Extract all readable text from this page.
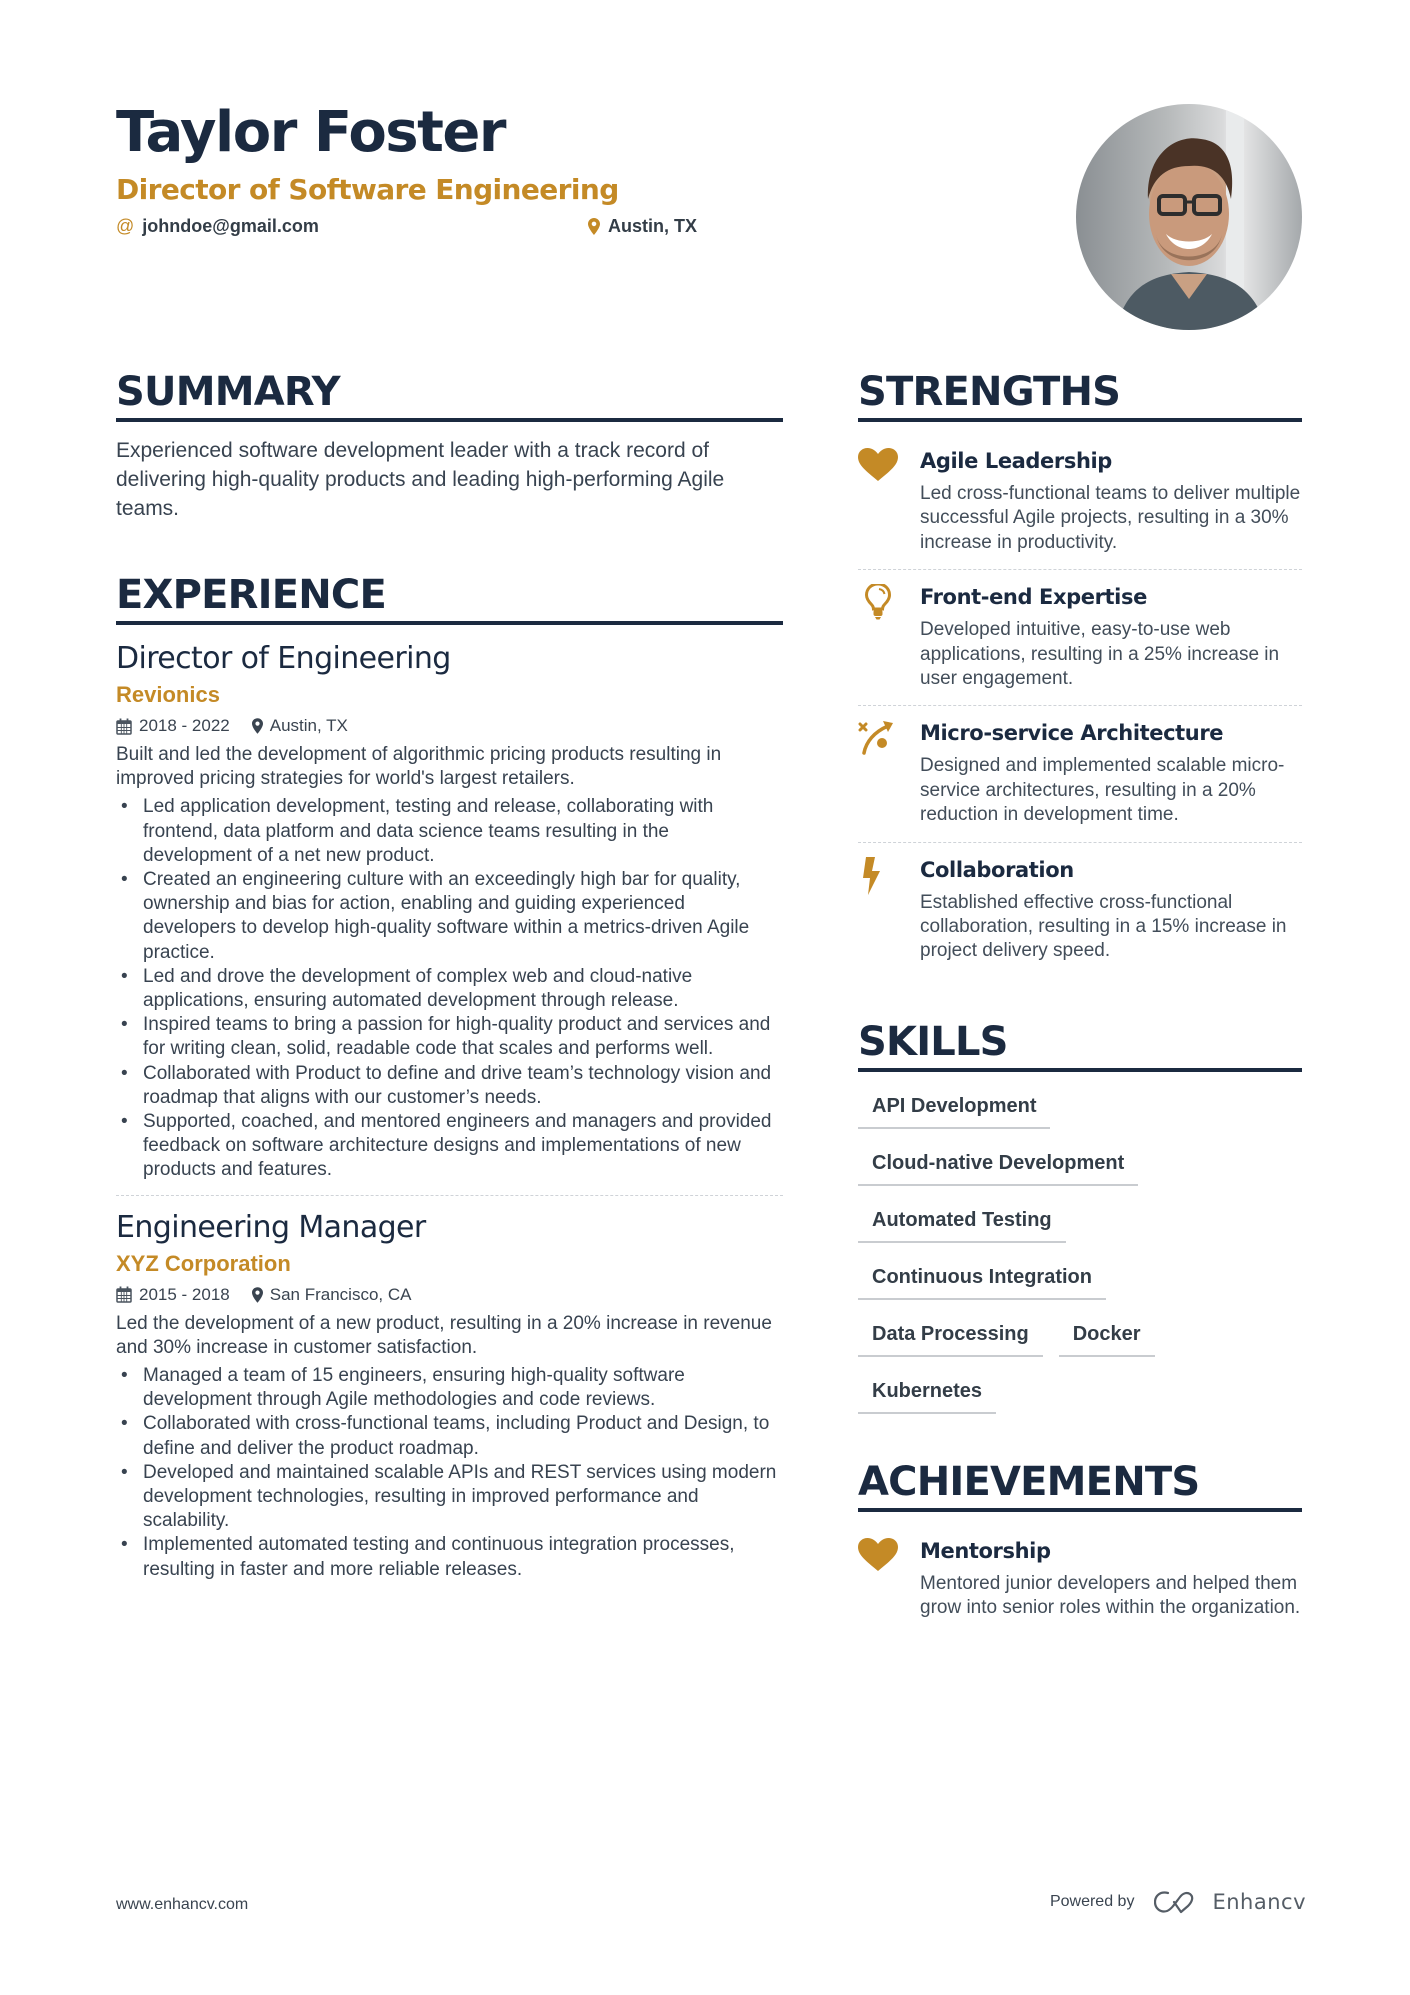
Taylor Foster
Director of Software Engineering
@ johndoe@gmail.com	Austin, TX
SUMMARY

Experienced software development leader with a track record of delivering high-quality products and leading high-performing Agile teams.

EXPERIENCE
Director of Engineering
Revionics
2018 - 2022 Austin, TX
Built and led the development of algorithmic pricing products resulting in improved pricing strategies for world's largest retailers.
• Led application development, testing and release, collaborating with frontend, data platform and data science teams resulting in the development of a net new product.
• Created an engineering culture with an exceedingly high bar for quality, ownership and bias for action, enabling and guiding experienced developers to develop high-quality software within a metrics-driven Agile practice.
• Led and drove the development of complex web and cloud-native applications, ensuring automated development through release.
• Inspired teams to bring a passion for high-quality product and services and for writing clean, solid, readable code that scales and performs well.
• Collaborated with Product to define and drive team’s technology vision and roadmap that aligns with our customer’s needs.
• Supported, coached, and mentored engineers and managers and provided feedback on software architecture designs and implementations of new products and features.
Engineering Manager
XYZ Corporation
2015 - 2018 San Francisco, CA
Led the development of a new product, resulting in a 20% increase in revenue and 30% increase in customer satisfaction.
• Managed a team of 15 engineers, ensuring high-quality software development through Agile methodologies and code reviews.
• Collaborated with cross-functional teams, including Product and Design, to define and deliver the product roadmap.
• Developed and maintained scalable APIs and REST services using modern development technologies, resulting in improved performance and scalability.
• Implemented automated testing and continuous integration processes, resulting in faster and more reliable releases.
STRENGTHS
Agile Leadership
Led cross-functional teams to deliver multiple successful Agile projects, resulting in a 30% increase in productivity.
Front-end Expertise
Developed intuitive, easy-to-use web applications, resulting in a 25% increase in user engagement.
Micro-service Architecture
Designed and implemented scalable micro-service architectures, resulting in a 20% reduction in development time.
Collaboration
Established effective cross-functional collaboration, resulting in a 15% increase in project delivery speed.
SKILLS
API Development
Cloud-native Development
Automated Testing
Continuous Integration
Data Processing	Docker
Kubernetes
ACHIEVEMENTS
Mentorship
Mentored junior developers and helped them grow into senior roles within the organization.
www.enhancv.com	Powered by	Enhancv
